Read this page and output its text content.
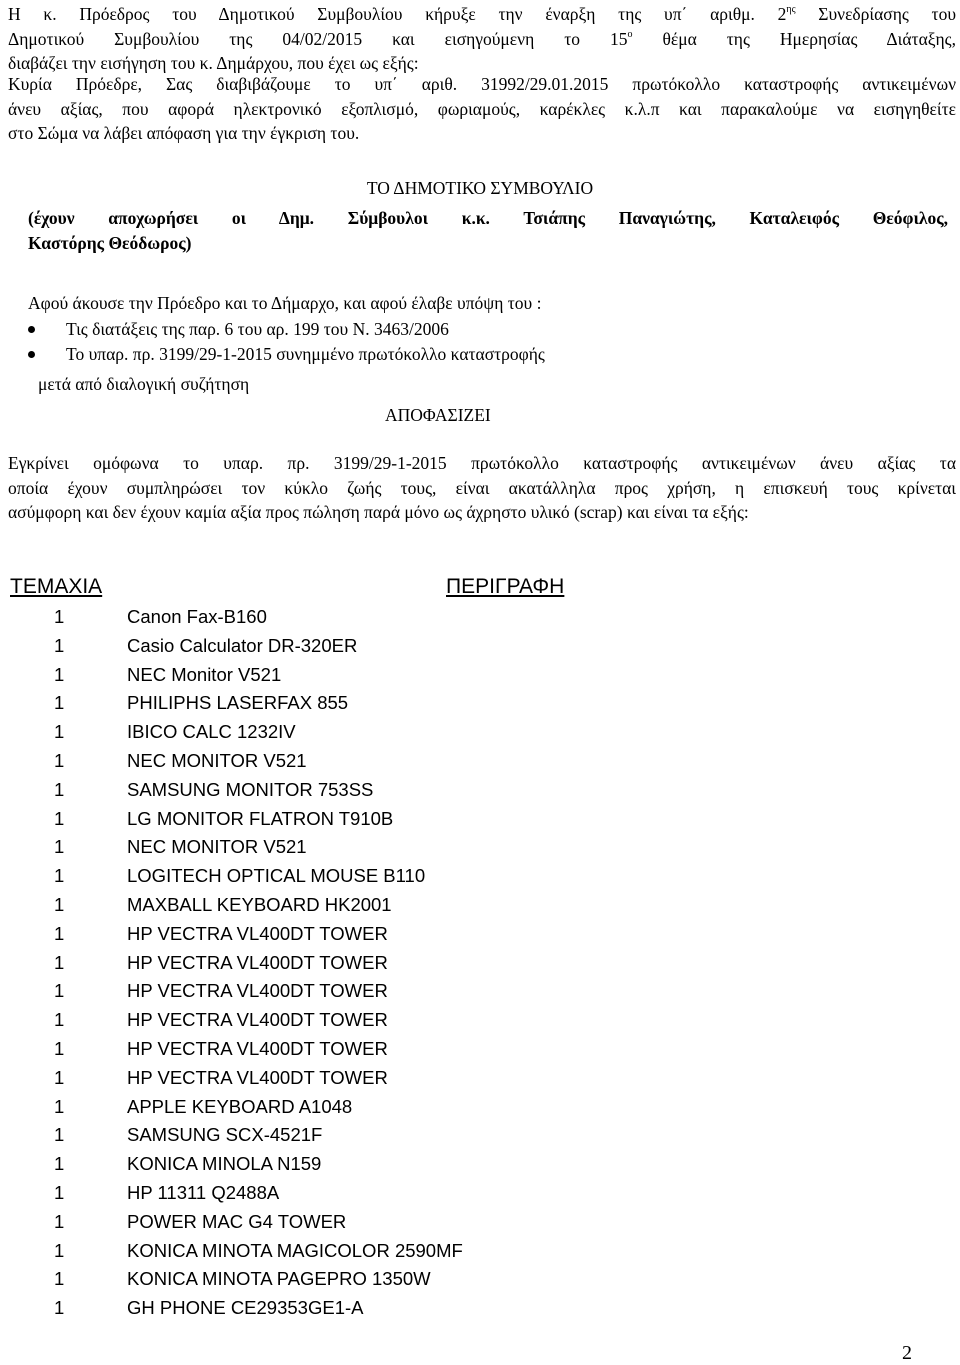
Η κ. Πρόεδρος του Δημοτικού Συμβουλίου κήρυξε την έναρξη της υπ΄ αριθμ. $2^{\eta\varsigma}$ Συνεδρίασης του
Δημοτικού Συμβουλίου της 04/02/2015 και εισηγούμενη το $15^o$ θέμα της Ημερησίας Διάταξης,
διαβάζει την εισήγηση του κ. Δημάρχου, που έχει ως εξής:
Κυρία Πρόεδρε, Σας διαβιβάζουμε το υπ΄ αριθ. 31992/29.01.2015 πρωτόκολλο καταστροφής αντικειμένων
άνευ αξίας, που αφορά ηλεκτρονικό εξοπλισμό, φωριαμούς, καρέκλες κ.λ.π και παρακαλούμε να εισηγηθείτε
στο Σώμα να λάβει απόφαση για την έγκριση του.
ΤΟ ΔΗΜΟΤΙΚΟ ΣΥΜΒΟΥΛΙΟ
(έχουν αποχωρήσει οι Δημ. Σύμβουλοι κ.κ. Τσιάπης Παναγιώτης, Καταλειφός Θεόφιλος,
Καστόρης Θεόδωρος)
Αφού άκουσε την Πρόεδρο και το Δήμαρχο, και αφού έλαβε υπόψη του :
Τις διατάξεις της παρ. 6 του αρ. 199 του Ν. 3463/2006
Το υπαρ. πρ. 3199/29-1-2015 συνημμένο πρωτόκολλο καταστροφής
μετά από διαλογική συζήτηση
ΑΠΟΦΑΣΙΖΕΙ
Εγκρίνει ομόφωνα το υπαρ. πρ. 3199/29-1-2015 πρωτόκολλο καταστροφής αντικειμένων άνευ αξίας τα
οποία έχουν συμπληρώσει τον κύκλο ζωής τους, είναι ακατάλληλα προς χρήση, η επισκευή τους κρίνεται
ασύμφορη και δεν έχουν καμία αξία προς πώληση παρά μόνο ως άχρηστο υλικό (scrap) και είναι τα εξής:
ΤΕΜΑΧΙΑ	ΠΕΡΙΓΡΑΦΗ
1	Canon Fax-B160
1	Casio Calculator DR-320ER
1	NEC Monitor V521
1	PHILIPHS LASERFAX 855
1	IBICO CALC 1232IV
1	NEC MONITOR V521
1	SAMSUNG MONITOR 753SS
1	LG MONITOR FLATRON T910B
1	NEC MONITOR V521
1	LOGITECH OPTICAL MOUSE B110
1	MAXBALL KEYBOARD HK2001
1	HP VECTRA VL400DT TOWER
1	HP VECTRA VL400DT TOWER
1	HP VECTRA VL400DT TOWER
1	HP VECTRA VL400DT TOWER
1	HP VECTRA VL400DT TOWER
1	HP VECTRA VL400DT TOWER
1	APPLE KEYBOARD A1048
1	SAMSUNG SCX-4521F
1	KONICA MINOLA N159
1	HP 11311 Q2488A
1	POWER MAC G4 TOWER
1	KONICA MINOTA MAGICOLOR 2590MF
1	KONICA MINOTA PAGEPRO 1350W
1	GH PHONE CE29353GE1-A
2
